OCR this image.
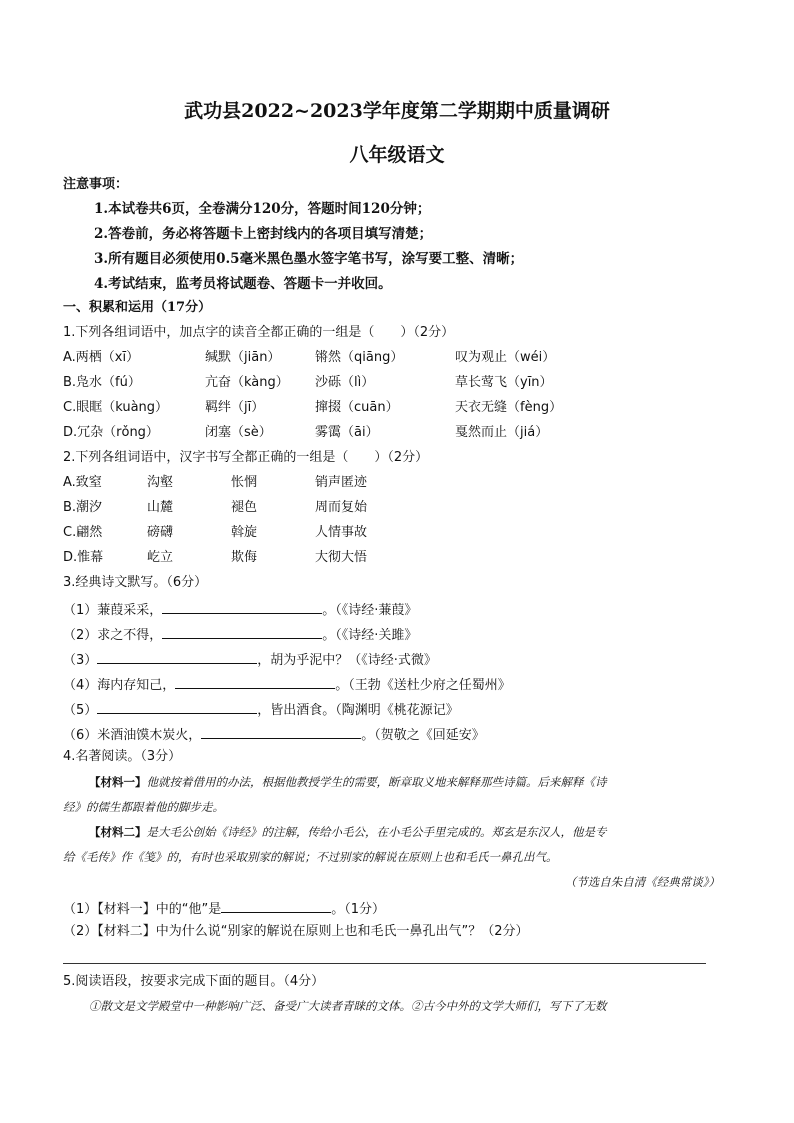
武功县2022~2023学年度第二学期期中质量调研
八年级语文
注意事项：
1.本试卷共6页，全卷满分120分，答题时间120分钟；
2.答卷前，务必将答题卡上密封线内的各项目填写清楚；
3.所有题目必须使用0.5毫米黑色墨水签字笔书写，涂写要工整、清晰；
4.考试结束，监考员将试题卷、答题卡一并收回。
一、积累和运用（17分）
1.下列各组词语中，加点字的读音全都正确的一组是（　　）（2分）
A.两栖（xī）	缄默（jiān）	锵然（qiāng）	叹为观止（wéi）
B.凫水（fú）	亢奋（kàng） 沙砾（lì）	草长莺飞（yīn）
C.眼眶（kuàng）	羁绊（jī）	撺掇（cuān）	天衣无缝（fèng）
D.冗杂（rǒng）	闭塞（sè）	雾霭（āi）	戛然而止（jiá）
2.下列各组词语中，汉字书写全都正确的一组是（　　）（2分）
A.致窒	沟壑	怅惘	销声匿迹
B.潮汐	山麓	褪色	周而复始
C.翩然	磅礴	斡旋	人情事故
D.惟幕	屹立	欺侮	大彻大悟
3.经典诗文默写。（6分）
（1）蒹葭采采，	。（《诗经·蒹葭》
（2）求之不得，	。（《诗经·关雎》
（3）	，胡为乎泥中？（《诗经·式微》
（4）海内存知己，	。（王勃《送杜少府之任蜀州》
（5）	，皆出酒食。（陶渊明《桃花源记》
（6）米酒油馍木炭火，	。（贺敬之《回延安》
4.名著阅读。（3分）
【材料一】他就按着借用的办法，根据他教授学生的需要，断章取义地来解释那些诗篇。后来解释《诗
经》的儒生都跟着他的脚步走。
【材料二】是大毛公创始《诗经》的注解，传给小毛公，在小毛公手里完成的。郑玄是东汉人，他是专
给《毛传》作《笺》的，有时也采取别家的解说；不过别家的解说在原则上也和毛氏一鼻孔出气。
（节选自朱自清《经典常谈》）
（1）【材料一】中的“他”是	。（1分）
（2）【材料二】中为什么说“别家的解说在原则上也和毛氏一鼻孔出气”？（2分）
5.阅读语段，按要求完成下面的题目。（4分）
①散文是文学殿堂中一种影响广泛、备受广大读者青睐的文体。②古今中外的文学大师们，写下了无数
